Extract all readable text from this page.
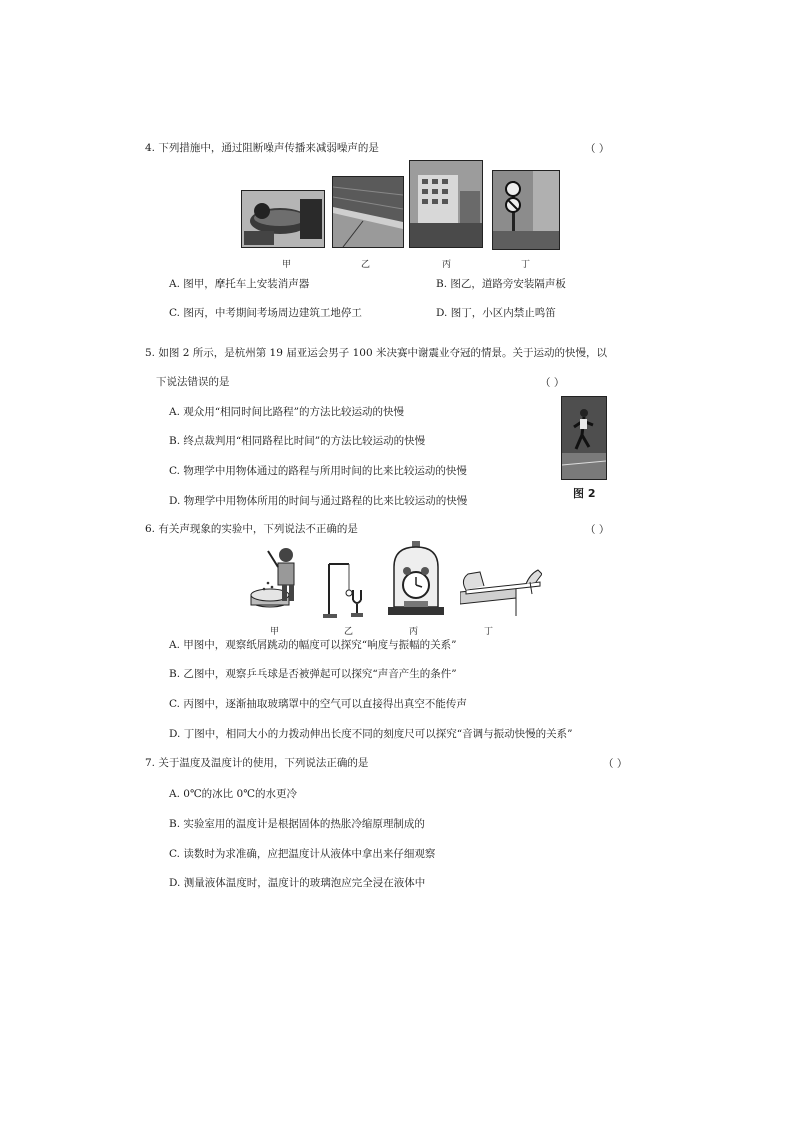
4. 下列措施中，通过阻断噪声传播来减弱噪声的是	（ ）
甲	乙	丙	丁
A. 图甲，摩托车上安装消声器	B. 图乙，道路旁安装隔声板
C. 图丙，中考期间考场周边建筑工地停工	D. 图丁，小区内禁止鸣笛
5. 如图 2 所示，是杭州第 19 届亚运会男子 100 米决赛中谢震业夺冠的情景。关于运动的快慢，以
下说法错误的是	（ ）
A. 观众用“相同时间比路程”的方法比较运动的快慢
B. 终点裁判用“相同路程比时间”的方法比较运动的快慢
C. 物理学中用物体通过的路程与所用时间的比来比较运动的快慢
D. 物理学中用物体所用的时间与通过路程的比来比较运动的快慢
图 2
6. 有关声现象的实验中，下列说法不正确的是	（ ）
甲	乙	丙	丁
A. 甲图中，观察纸屑跳动的幅度可以探究“响度与振幅的关系”
B. 乙图中，观察乒乓球是否被弹起可以探究“声音产生的条件”
C. 丙图中，逐渐抽取玻璃罩中的空气可以直接得出真空不能传声
D. 丁图中，相同大小的力拨动伸出长度不同的刻度尺可以探究“音调与振动快慢的关系”
7. 关于温度及温度计的使用，下列说法正确的是	（ ）
A. 0℃的冰比 0℃的水更冷
B. 实验室用的温度计是根据固体的热胀冷缩原理制成的
C. 读数时为求准确，应把温度计从液体中拿出来仔细观察
D. 测量液体温度时，温度计的玻璃泡应完全浸在液体中
